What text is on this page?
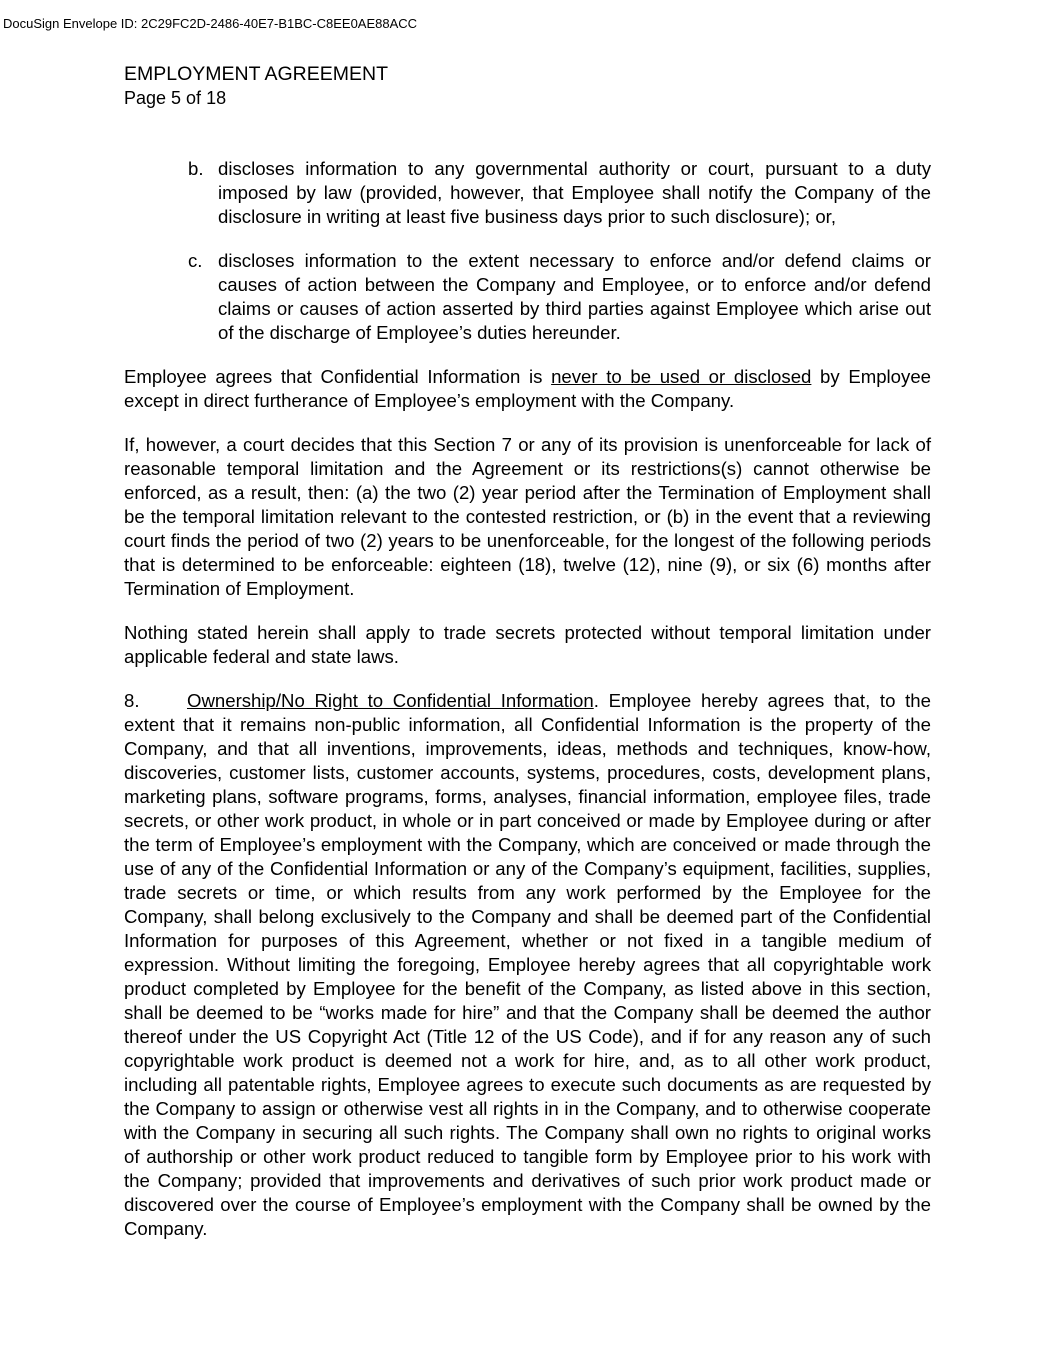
DocuSign Envelope ID: 2C29FC2D-2486-40E7-B1BC-C8EE0AE88ACC
EMPLOYMENT AGREEMENT
Page 5 of 18
b. discloses information to any governmental authority or court, pursuant to a duty imposed by law (provided, however, that Employee shall notify the Company of the disclosure in writing at least five business days prior to such disclosure); or,
c. discloses information to the extent necessary to enforce and/or defend claims or causes of action between the Company and Employee, or to enforce and/or defend claims or causes of action asserted by third parties against Employee which arise out of the discharge of Employee’s duties hereunder.

Employee agrees that Confidential Information is never to be used or disclosed by Employee except in direct furtherance of Employee’s employment with the Company.

If, however, a court decides that this Section 7 or any of its provision is unenforceable for lack of reasonable temporal limitation and the Agreement or its restrictions(s) cannot otherwise be enforced, as a result, then: (a) the two (2) year period after the Termination of Employment shall be the temporal limitation relevant to the contested restriction, or (b) in the event that a reviewing court finds the period of two (2) years to be unenforceable, for the longest of the following periods that is determined to be enforceable: eighteen (18), twelve (12), nine (9), or six (6) months after Termination of Employment.

Nothing stated herein shall apply to trade secrets protected without temporal limitation under applicable federal and state laws.

8.	Ownership/No Right to Confidential Information. Employee hereby agrees that, to the extent that it remains non-public information, all Confidential Information is the property of the Company, and that all inventions, improvements, ideas, methods and techniques, know-how, discoveries, customer lists, customer accounts, systems, procedures, costs, development plans, marketing plans, software programs, forms, analyses, financial information, employee files, trade secrets, or other work product, in whole or in part conceived or made by Employee during or after the term of Employee’s employment with the Company, which are conceived or made through the use of any of the Confidential Information or any of the Company’s equipment, facilities, supplies, trade secrets or time, or which results from any work performed by the Employee for the Company, shall belong exclusively to the Company and shall be deemed part of the Confidential Information for purposes of this Agreement, whether or not fixed in a tangible medium of expression. Without limiting the foregoing, Employee hereby agrees that all copyrightable work product completed by Employee for the benefit of the Company, as listed above in this section, shall be deemed to be “works made for hire” and that the Company shall be deemed the author thereof under the US Copyright Act (Title 12 of the US Code), and if for any reason any of such copyrightable work product is deemed not a work for hire, and, as to all other work product, including all patentable rights, Employee agrees to execute such documents as are requested by the Company to assign or otherwise vest all rights in in the Company, and to otherwise cooperate with the Company in securing all such rights. The Company shall own no rights to original works of authorship or other work product reduced to tangible form by Employee prior to his work with the Company; provided that improvements and derivatives of such prior work product made or discovered over the course of Employee’s employment with the Company shall be owned by the Company.
